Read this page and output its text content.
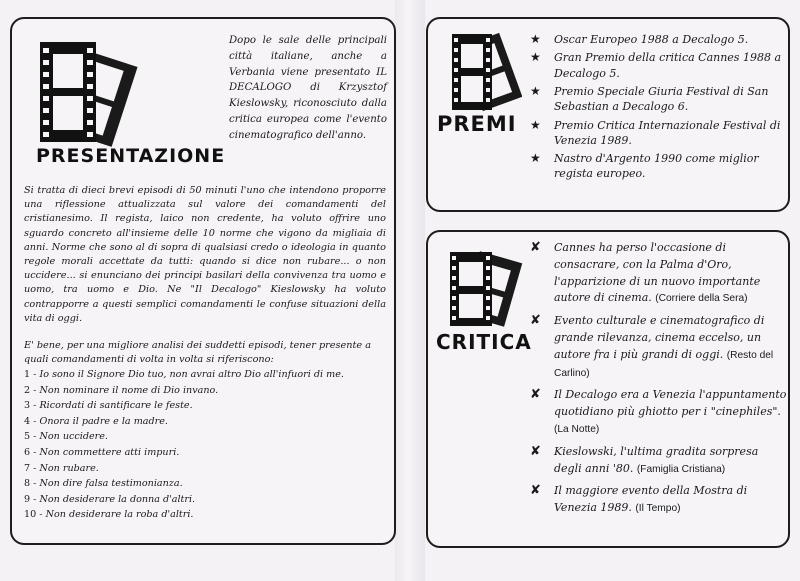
PRESENTAZIONE

Dopo le sale delle principali città italiane, anche a Verbania viene presentato IL DECALOGO di Krzysztof Kieslowsky, riconosciuto dalla critica europea come l'evento cinematografico dell'anno.

Si tratta di dieci brevi episodi di 50 minuti l'uno che intendono proporre una riflessione attualizzata sul valore dei comandamenti del cristianesimo. Il regista, laico non credente, ha voluto offrire uno sguardo concreto all'insieme delle 10 norme che vigono da migliaia di anni. Norme che sono al di sopra di qualsiasi credo o ideologia in quanto regole morali accettate da tutti: quando si dice non rubare... o non uccidere... si enunciano dei principi basilari della convivenza tra uomo e uomo, tra uomo e Dio. Ne "Il Decalogo" Kieslowsky ha voluto contrapporre a questi semplici comandamenti le confuse situazioni della vita di oggi.

E' bene, per una migliore analisi dei suddetti episodi, tener presente a quali comandamenti di volta in volta si riferiscono:

1 - Io sono il Signore Dio tuo, non avrai altro Dio all'infuori di me.
2 - Non nominare il nome di Dio invano.
3 - Ricordati di santificare le feste.
4 - Onora il padre e la madre.
5 - Non uccidere.
6 - Non commettere atti impuri.
7 - Non rubare.
8 - Non dire falsa testimonianza.
9 - Non desiderare la donna d'altri.
10 - Non desiderare la roba d'altri.
PREMI
★ Oscar Europeo 1988 a Decalogo 5.
★ Gran Premio della critica Cannes 1988 a Decalogo 5.
★ Premio Speciale Giuria Festival di San Sebastian a Decalogo 6.
★ Premio Critica Internazionale Festival di Venezia 1989.
★ Nastro d'Argento 1990 come miglior regista europeo.
CRITICA
✘ Cannes ha perso l'occasione di consacrare, con la Palma d'Oro, l'apparizione di un nuovo importante autore di cinema. (Corriere della Sera)
✘ Evento culturale e cinematografico di grande rilevanza, cinema eccelso, un autore fra i più grandi di oggi. (Resto del Carlino)
✘ Il Decalogo era a Venezia l'appuntamento quotidiano più ghiotto per i "cinephiles". (La Notte)
✘ Kieslowski, l'ultima gradita sorpresa degli anni '80. (Famiglia Cristiana)
✘ Il maggiore evento della Mostra di Venezia 1989. (Il Tempo)
